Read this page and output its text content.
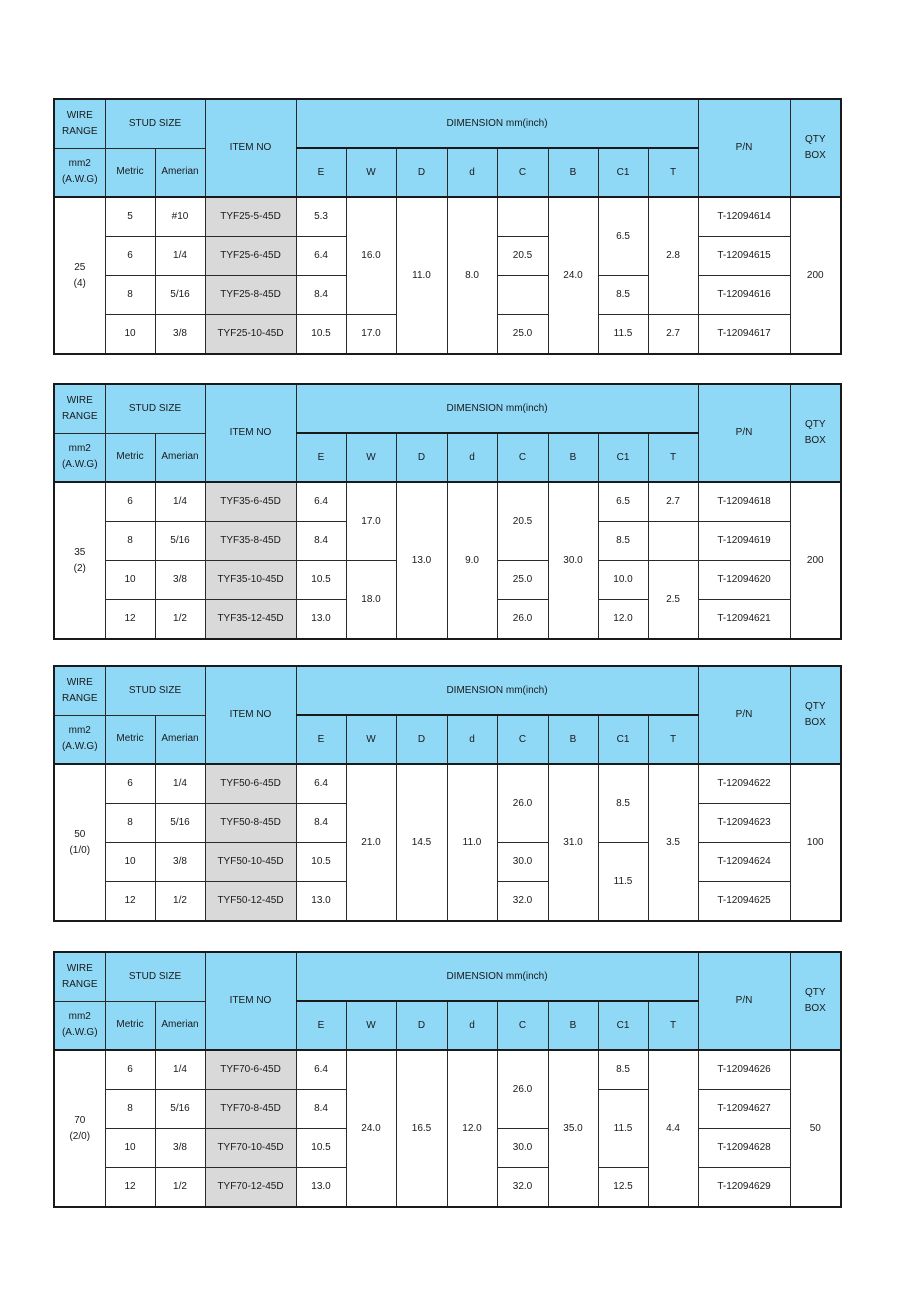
WIRE
RANGE	STUD SIZE		ITEM NO	DIMENSION mm(inch)								P/N	QTY
BOX

mm2
(A.W.G)	Metric	Amerian		E	W	D	d	C	B	C1	T		

25
(4)	5	#10	TYF25-5-45D	5.3	16.0	11.0	8.0		24.0	6.5	2.8	T-12094614	200
	6	1/4	TYF25-6-45D	6.4				20.5				T-12094615	
	8	5/16	TYF25-8-45D	8.4						8.5		T-12094616	
	10	3/8	TYF25-10-45D	10.5	17.0			25.0		11.5	2.7	T-12094617	
WIRE
RANGE	STUD SIZE		ITEM NO	DIMENSION mm(inch)								P/N	QTY
BOX

mm2
(A.W.G)	Metric	Amerian		E	W	D	d	C	B	C1	T		

35
(2)	6	1/4	TYF35-6-45D	6.4	17.0	13.0	9.0	20.5	30.0	6.5	2.7	T-12094618	200
	8	5/16	TYF35-8-45D	8.4						8.5		T-12094619	
	10	3/8	TYF35-10-45D	10.5	18.0			25.0		10.0	2.5	T-12094620	
	12	1/2	TYF35-12-45D	13.0				26.0		12.0		T-12094621	
WIRE
RANGE	STUD SIZE		ITEM NO	DIMENSION mm(inch)								P/N	QTY
BOX

mm2
(A.W.G)	Metric	Amerian		E	W	D	d	C	B	C1	T		

50
(1/0)	6	1/4	TYF50-6-45D	6.4	21.0	14.5	11.0	26.0	31.0	8.5	3.5	T-12094622	100
	8	5/16	TYF50-8-45D	8.4								T-12094623	
	10	3/8	TYF50-10-45D	10.5				30.0		11.5		T-12094624	
	12	1/2	TYF50-12-45D	13.0				32.0				T-12094625	
WIRE
RANGE	STUD SIZE		ITEM NO	DIMENSION mm(inch)								P/N	QTY
BOX

mm2
(A.W.G)	Metric	Amerian		E	W	D	d	C	B	C1	T		

70
(2/0)	6	1/4	TYF70-6-45D	6.4	24.0	16.5	12.0	26.0	35.0	8.5	4.4	T-12094626	50
	8	5/16	TYF70-8-45D	8.4						11.5		T-12094627	
	10	3/8	TYF70-10-45D	10.5				30.0				T-12094628	
	12	1/2	TYF70-12-45D	13.0				32.0		12.5		T-12094629	
